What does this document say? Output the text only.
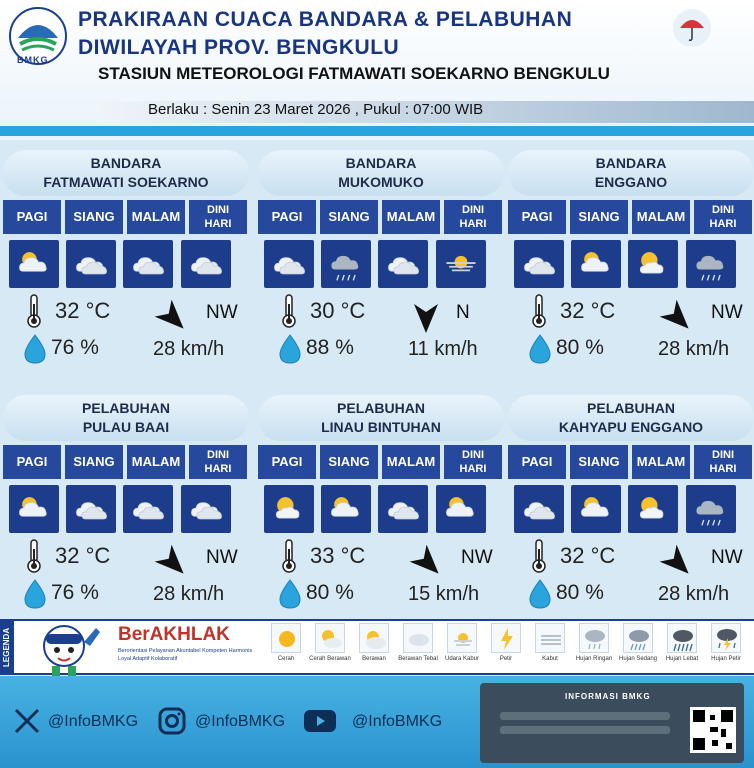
BMKG
PRAKIRAAN CUACA BANDARA & PELABUHAN
DIWILAYAH PROV. BENGKULU
STASIUN METEOROLOGI FATMAWATI SOEKARNO BENGKULU
Berlaku : Senin 23 Maret 2026 , Pukul : 07:00 WIB
BANDARA
FATMAWATI SOEKARNO
PAGI	SIANG	MALAM	DINI
HARI
32 °C
76 %
NW
28 km/h
BANDARA
MUKOMUKO
PAGI	SIANG	MALAM	DINI
HARI
30 °C
88 %
N
11 km/h
BANDARA
ENGGANO
PAGI	SIANG	MALAM	DINI
HARI
32 °C
80 %
NW
28 km/h
PELABUHAN
PULAU BAAI
PAGI	SIANG	MALAM	DINI
HARI
32 °C
76 %
NW
28 km/h
PELABUHAN
LINAU BINTUHAN
PAGI	SIANG	MALAM	DINI
HARI
33 °C
80 %
NW
15 km/h
PELABUHAN
KAHYAPU ENGGANO
PAGI	SIANG	MALAM	DINI
HARI
32 °C
80 %
NW
28 km/h
LEGENDA	BerAKHLAK
Berorientasi Pelayanan Akuntabel Kompeten Harmonis Loyal Adaptif Kolaboratif	Cerah	Cerah Berawan	Berawan	Berawan Tebal	Udara Kabur	Petir	Kabut	Hujan Ringan	Hujan Sedang	Hujan Lebat	Hujan Petir
@InfoBMKG	@InfoBMKG	@InfoBMKG
INFORMASI BMKG
